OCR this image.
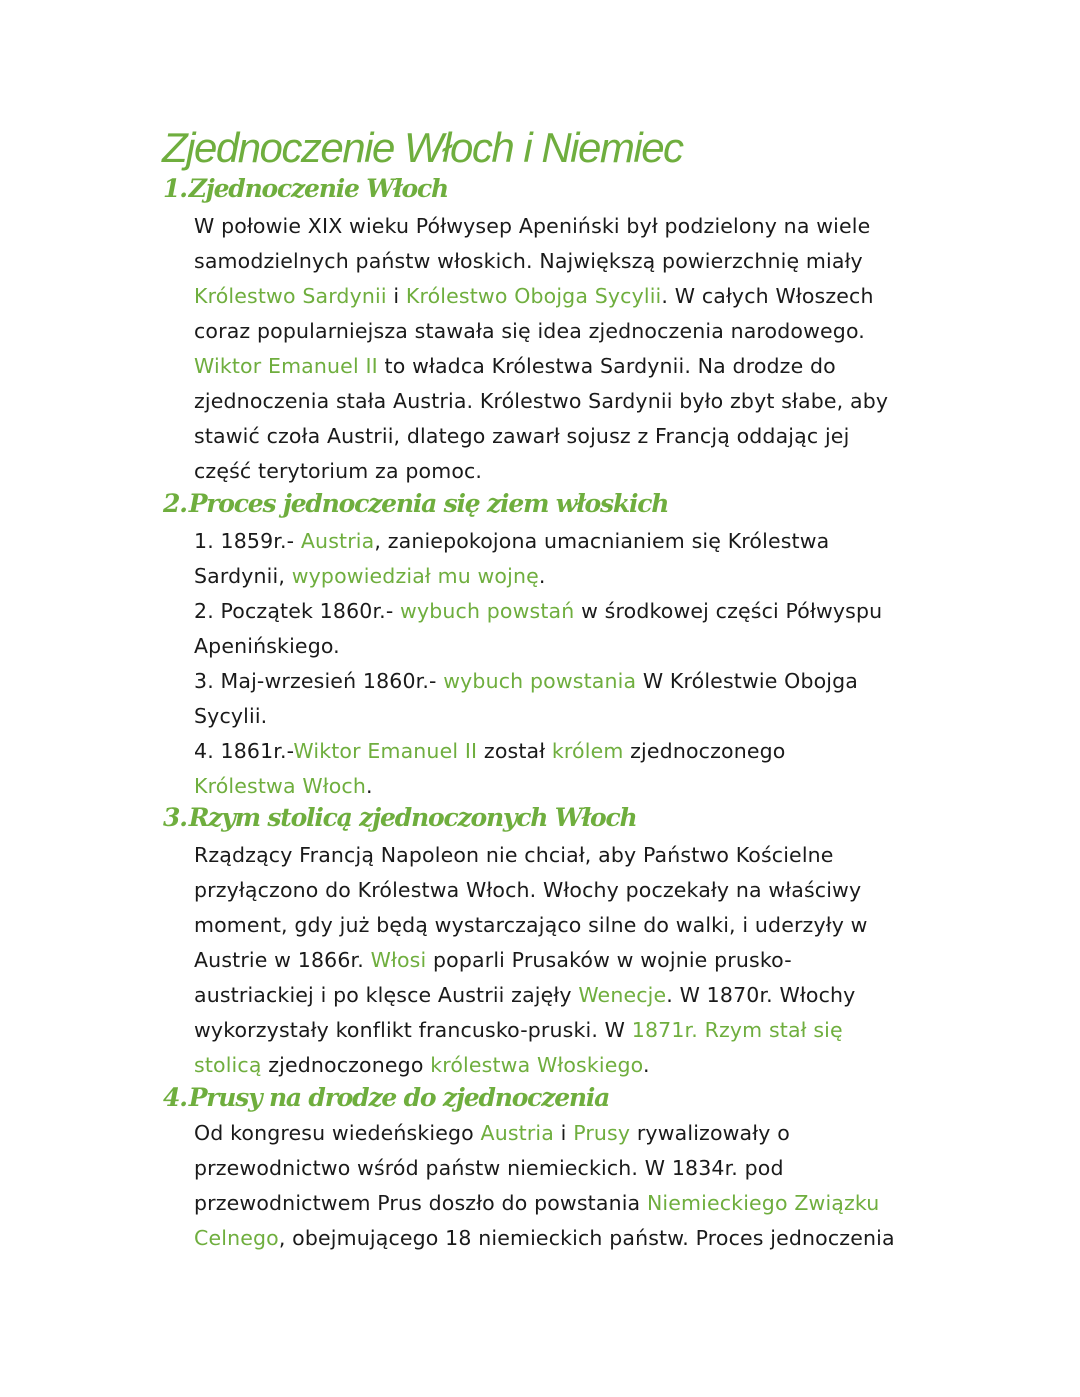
Zjednoczenie Włoch i Niemiec
1.Zjednoczenie Włoch
W połowie XIX wieku Półwysep Apeniński był podzielony na wiele
samodzielnych państw włoskich. Największą powierzchnię miały
Królestwo Sardynii i Królestwo Obojga Sycylii. W całych Włoszech
coraz popularniejsza stawała się idea zjednoczenia narodowego.
Wiktor Emanuel II to władca Królestwa Sardynii. Na drodze do
zjednoczenia stała Austria. Królestwo Sardynii było zbyt słabe, aby
stawić czoła Austrii, dlatego zawarł sojusz z Francją oddając jej
część terytorium za pomoc.
2.Proces jednoczenia się ziem włoskich
1. 1859r.- Austria, zaniepokojona umacnianiem się Królestwa
Sardynii, wypowiedział mu wojnę.
2. Początek 1860r.- wybuch powstań w środkowej części Półwyspu
Apenińskiego.
3. Maj-wrzesień 1860r.- wybuch powstania W Królestwie Obojga
Sycylii.
4. 1861r.-Wiktor Emanuel II został królem zjednoczonego
Królestwa Włoch.
3.Rzym stolicą zjednoczonych Włoch
Rządzący Francją Napoleon nie chciał, aby Państwo Kościelne
przyłączono do Królestwa Włoch. Włochy poczekały na właściwy
moment, gdy już będą wystarczająco silne do walki, i uderzyły w
Austrie w 1866r. Włosi poparli Prusaków w wojnie prusko-
austriackiej i po klęsce Austrii zajęły Wenecje. W 1870r. Włochy
wykorzystały konflikt francusko-pruski. W 1871r. Rzym stał się
stolicą zjednoczonego królestwa Włoskiego.
4.Prusy na drodze do zjednoczenia
Od kongresu wiedeńskiego Austria i Prusy rywalizowały o
przewodnictwo wśród państw niemieckich. W 1834r. pod
przewodnictwem Prus doszło do powstania Niemieckiego Związku
Celnego, obejmującego 18 niemieckich państw. Proces jednoczenia
